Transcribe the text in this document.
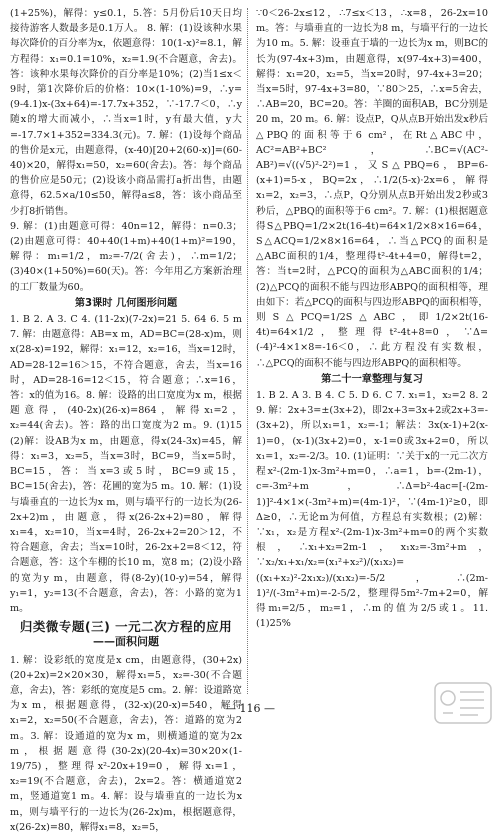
(1+25%)，解得：y≤0.1，5.答：5月份后10天日均接待游客人数最多是0.1万人。 8. 解：(1)设该种水果每次降价的百分率为x，依题意得：10(1-x)²=8.1，解方程得：x₁=0.1=10%，x₂=1.9(不合题意，舍去)。答：该种水果每次降价的百分率是10%；(2)当1≤x＜9时，第1次降价后的价格：10×(1-10%)=9，∴y=(9-4.1)x-(3x+64)=-17.7x+352，∵-17.7＜0，∴y随x的增大而减小，∴当x=1时，y有最大值，y大=-17.7×1+352=334.3(元)。7. 解：(1)设每个商品的售价是x元，由题意得，(x-40)[20+2(60-x)]=(60-40)×20，解得x₁=50，x₂=60(舍去)。答：每个商品的售价应是50元；(2)设该小商品需打a折出售，由题意得，62.5×a/10≤50，解得a≤8，答：该小商品至少打8折销售。

9. 解：(1)由题意可得：40n=12，解得：n=0.3；(2)由题意可得：40+40(1+m)+40(1+m)²=190，解得：m₁=1/2，m₂=-7/2(舍去)，∴m=1/2；(3)40×(1+50%)=60(天)。答：今年用乙方案新治理的工厂数量为60。

第3课时 几何图形问题

1. B 2. A 3. C 4. (11-2x)(7-2x)=21 5. 64 6. 5 m 7. 解：由题意得：AB=x m，AD=BC=(28-x)m，则x(28-x)=192，解得：x₁=12，x₂=16，当x=12时，AD=28-12=16＞15，不符合题意，舍去，当x=16时，AD=28-16=12＜15，符合题意；∴x=16，答：x的值为16。8. 解：设路的出口宽度为x m，根据题意得，(40-2x)(26-x)=864，解得x₁=2，x₂=44(舍去)。答：路的出口宽度为2 m。9. (1)15 (2)解：设AB为x m，由题意，得x(24-3x)=45，解得：x₁=3，x₂=5，当x=3时，BC=9，当x=5时，BC=15，答：当x=3或5时，BC=9或15，BC=15(舍去)，答：花圃的宽为5 m。10. 解：(1)设与墙垂直的一边长为x m，则与墙平行的一边长为(26-2x+2)m，由题意，得x(26-2x+2)=80，解得x₁=4，x₂=10，当x=4时，26-2x+2=20＞12，不符合题意，舍去；当x=10时，26-2x+2=8＜12，符合题意，答：这个车棚的长10 m，宽8 m；(2)设小路的宽为y m，由题意，得(8-2y)(10-y)=54，解得y₁=1，y₂=13(不合题意，舍去)，答：小路的宽为1 m。

归类微专题(三) 一元二次方程的应用
——面积问题

1. 解：设彩纸的宽度是x cm，由题意得，(30+2x)(20+2x)=2×20×30，解得x₁=5，x₂=-30(不合题意，舍去)，答：彩纸的宽度是5 cm。2. 解：设道路宽为x m，根据题意得，(32-x)(20-x)=540，解得x₁=2，x₂=50(不合题意，舍去)，答：道路的宽为2 m。3. 解：设通道的宽为x m，则横通道的宽为2x m，根据题意得(30-2x)(20-4x)=30×20×(1-19/75)，整理得x²-20x+19=0，解得x₁=1，x₂=19(不合题意，舍去)，2x=2。答：横通道宽2 m，竖通道宽1 m。4. 解：设与墙垂直的一边长为x m，则与墙平行的一边长为(26-2x)m，根据题意得，x(26-2x)=80，解得x₁=8，x₂=5，

∵0＜26-2x≤12，∴7≤x＜13，∴x=8，26-2x=10 m。答：与墙垂直的一边长为8 m，与墙平行的一边长为10 m。5. 解：设垂直于墙的一边长为x m，则BC的长为(97-4x+3)m，由题意得，x(97-4x+3)=400，解得：x₁=20，x₂=5，当x=20时，97-4x+3=20；当x=5时，97-4x+3=80，∵80＞25，∴x=5舍去，∴AB=20，BC=20。答：羊圈的面积AB，BC分别是20 m，20 m。6. 解：设点P，Q从点B开始出发x秒后△PBQ的面积等于6 cm²，在Rt△ABC中，AC²=AB²+BC²，∴BC=√(AC²-AB²)=√((√5)²-2²)=1，又S△PBQ=6，BP=6-(x+1)=5-x，BQ=2x，∴1/2(5-x)·2x=6，解得x₁=2，x₂=3，∴点P，Q分别从点B开始出发2秒或3秒后，△PBQ的面积等于6 cm²。7. 解：(1)根据题意得S△PBQ=1/2×2t(16-4t)=64×1/2×8×16=64，S△ACQ=1/2×8×16=64，∴当△PCQ的面积是△ABC面积的1/4，整理得t²-4t+4=0，解得t=2，答：当t=2时，△PCQ的面积为△ABC面积的1/4；(2)△PCQ的面积不能与四边形ABPQ的面积相等，理由如下：若△PCQ的面积与四边形ABPQ的面积相等，则S△PCQ=1/2S△ABC，即1/2×2t(16-4t)=64×1/2，整理得t²-4t+8=0，∵Δ=(-4)²-4×1×8=-16＜0，∴此方程没有实数根，∴△PCQ的面积不能与四边形ABPQ的面积相等。

第二十一章整理与复习

1. B 2. A 3. B 4. C 5. D 6. C 7. x₁=1，x₂=2 8. 2 9. 解：2x+3=±(3x+2)，即2x+3=3x+2或2x+3=-(3x+2)，所以x₁=1，x₂=-1；解法：3x(x-1)+2(x-1)=0，(x-1)(3x+2)=0，x-1=0或3x+2=0，所以x₁=1，x₂=-2/3。10. (1)证明：∵关于x的一元二次方程x²-(2m-1)x-3m²+m=0，∴a=1，b=-(2m-1)，c=-3m²+m，∴Δ=b²-4ac=[-(2m-1)]²-4×1×(-3m²+m)=(4m-1)²，∵(4m-1)²≥0，即Δ≥0，∴无论m为何值，方程总有实数根；(2)解：∵x₁，x₂是方程x²-(2m-1)x-3m²+m=0的两个实数根，∴x₁+x₂=2m-1，x₁x₂=-3m²+m，∵x₂/x₁+x₁/x₂=(x₁²+x₂²)/(x₁x₂)=((x₁+x₂)²-2x₁x₂)/(x₁x₂)=-5/2，∴(2m-1)²/(-3m²+m)=-2-5/2，整理得5m²-7m+2=0，解得m₁=2/5，m₂=1，∴m的值为2/5或1。11. (1)25%

— 116 —
